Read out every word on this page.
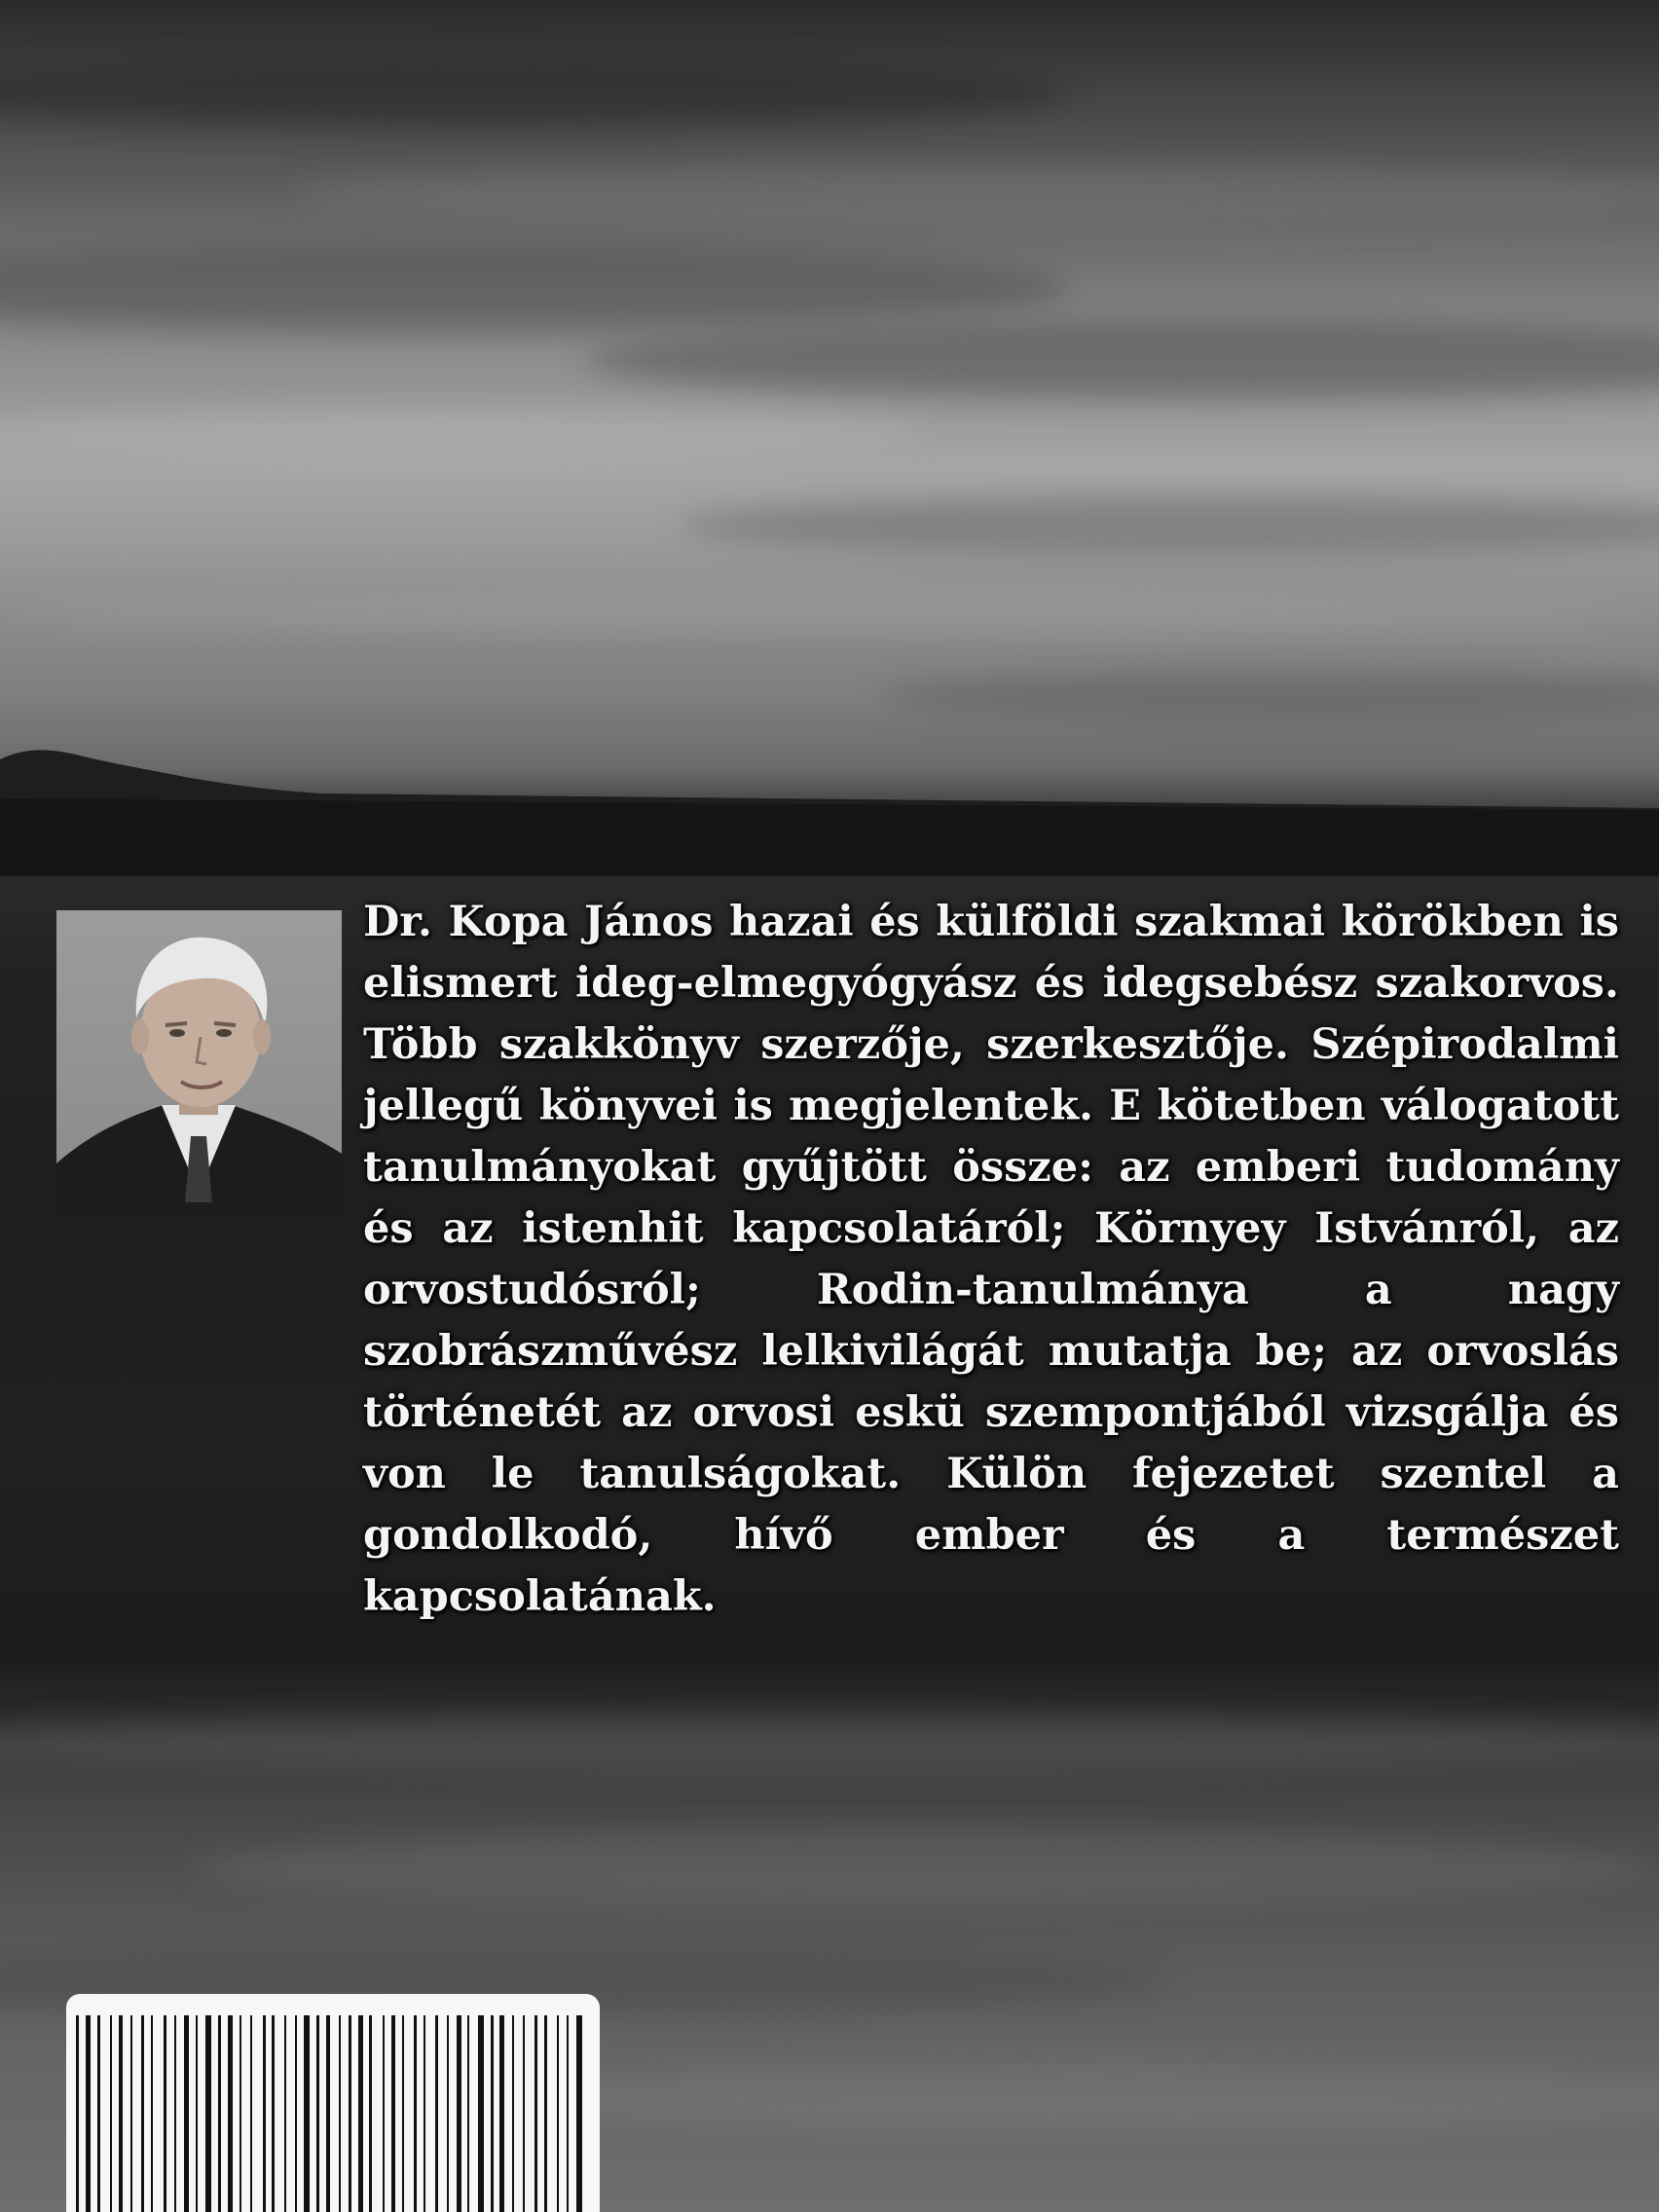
Dr. Kopa János hazai és külföldi szakmai körökben is elismert ideg-elmegyógyász és idegsebész szakorvos. Több szakkönyv szerzője, szerkesztője. Szépirodalmi jellegű könyvei is megjelentek. E kötetben válogatott tanulmányokat gyűjtött össze: az emberi tudomány és az istenhit kapcsolatáról; Környey Istvánról, az orvostudósról; Rodin-tanulmánya a nagy szobrászművész lelkivilágát mutatja be; az orvoslás történetét az orvosi eskü szempontjából vizsgálja és von le tanulságokat. Külön fejezetet szentel a gondolkodó, hívő ember és a természet kapcsolatának.
